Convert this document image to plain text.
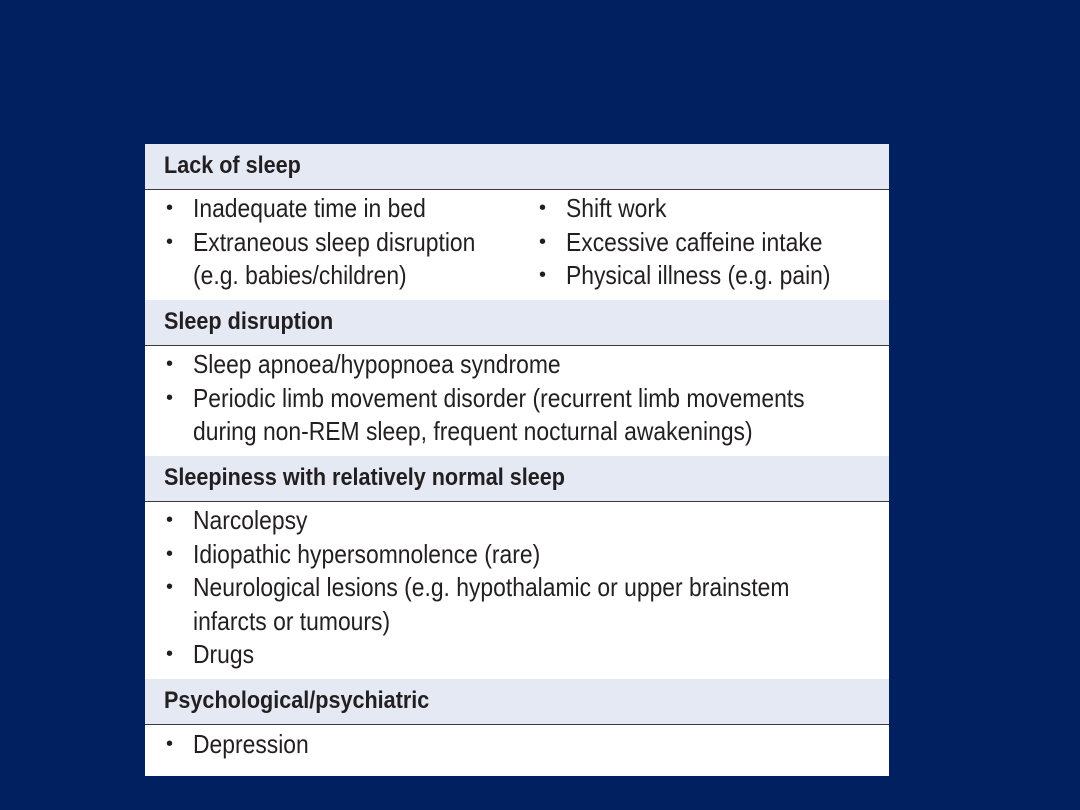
Lack of sleep
• Inadequate time in bed
• Extraneous sleep disruption
(e.g. babies/children)
• Shift work
• Excessive caffeine intake
• Physical illness (e.g. pain)
Sleep disruption
• Sleep apnoea/hypopnoea syndrome
• Periodic limb movement disorder (recurrent limb movements
during non-REM sleep, frequent nocturnal awakenings)
Sleepiness with relatively normal sleep
• Narcolepsy
• Idiopathic hypersomnolence (rare)
• Neurological lesions (e.g. hypothalamic or upper brainstem
infarcts or tumours)
• Drugs
Psychological/psychiatric
• Depression
